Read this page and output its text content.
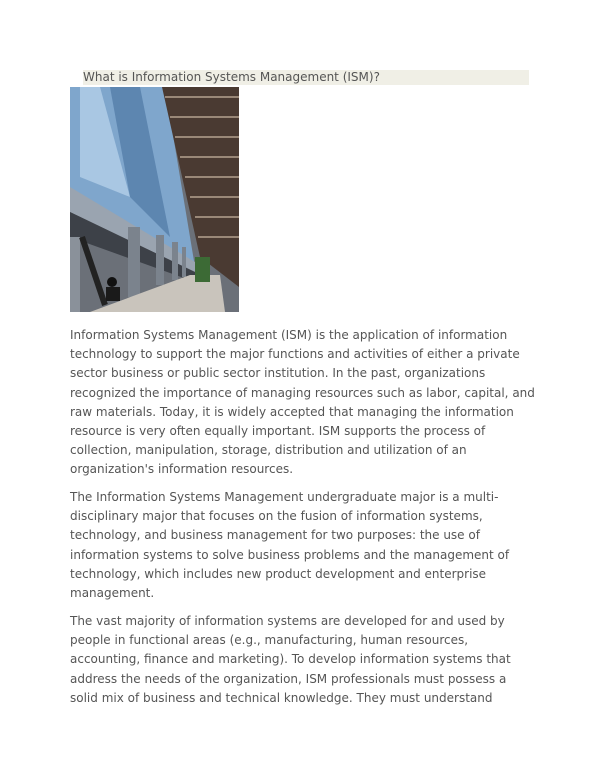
What is Information Systems Management (ISM)?
Information Systems Management (ISM) is the application of information
technology to support the major functions and activities of either a private
sector business or public sector institution. In the past, organizations
recognized the importance of managing resources such as labor, capital, and
raw materials. Today, it is widely accepted that managing the information
resource is very often equally important. ISM supports the process of
collection, manipulation, storage, distribution and utilization of an
organization's information resources.
The Information Systems Management undergraduate major is a multi-
disciplinary major that focuses on the fusion of information systems,
technology, and business management for two purposes: the use of
information systems to solve business problems and the management of
technology, which includes new product development and enterprise
management.
The vast majority of information systems are developed for and used by
people in functional areas (e.g., manufacturing, human resources,
accounting, finance and marketing). To develop information systems that
address the needs of the organization, ISM professionals must possess a
solid mix of business and technical knowledge. They must understand
